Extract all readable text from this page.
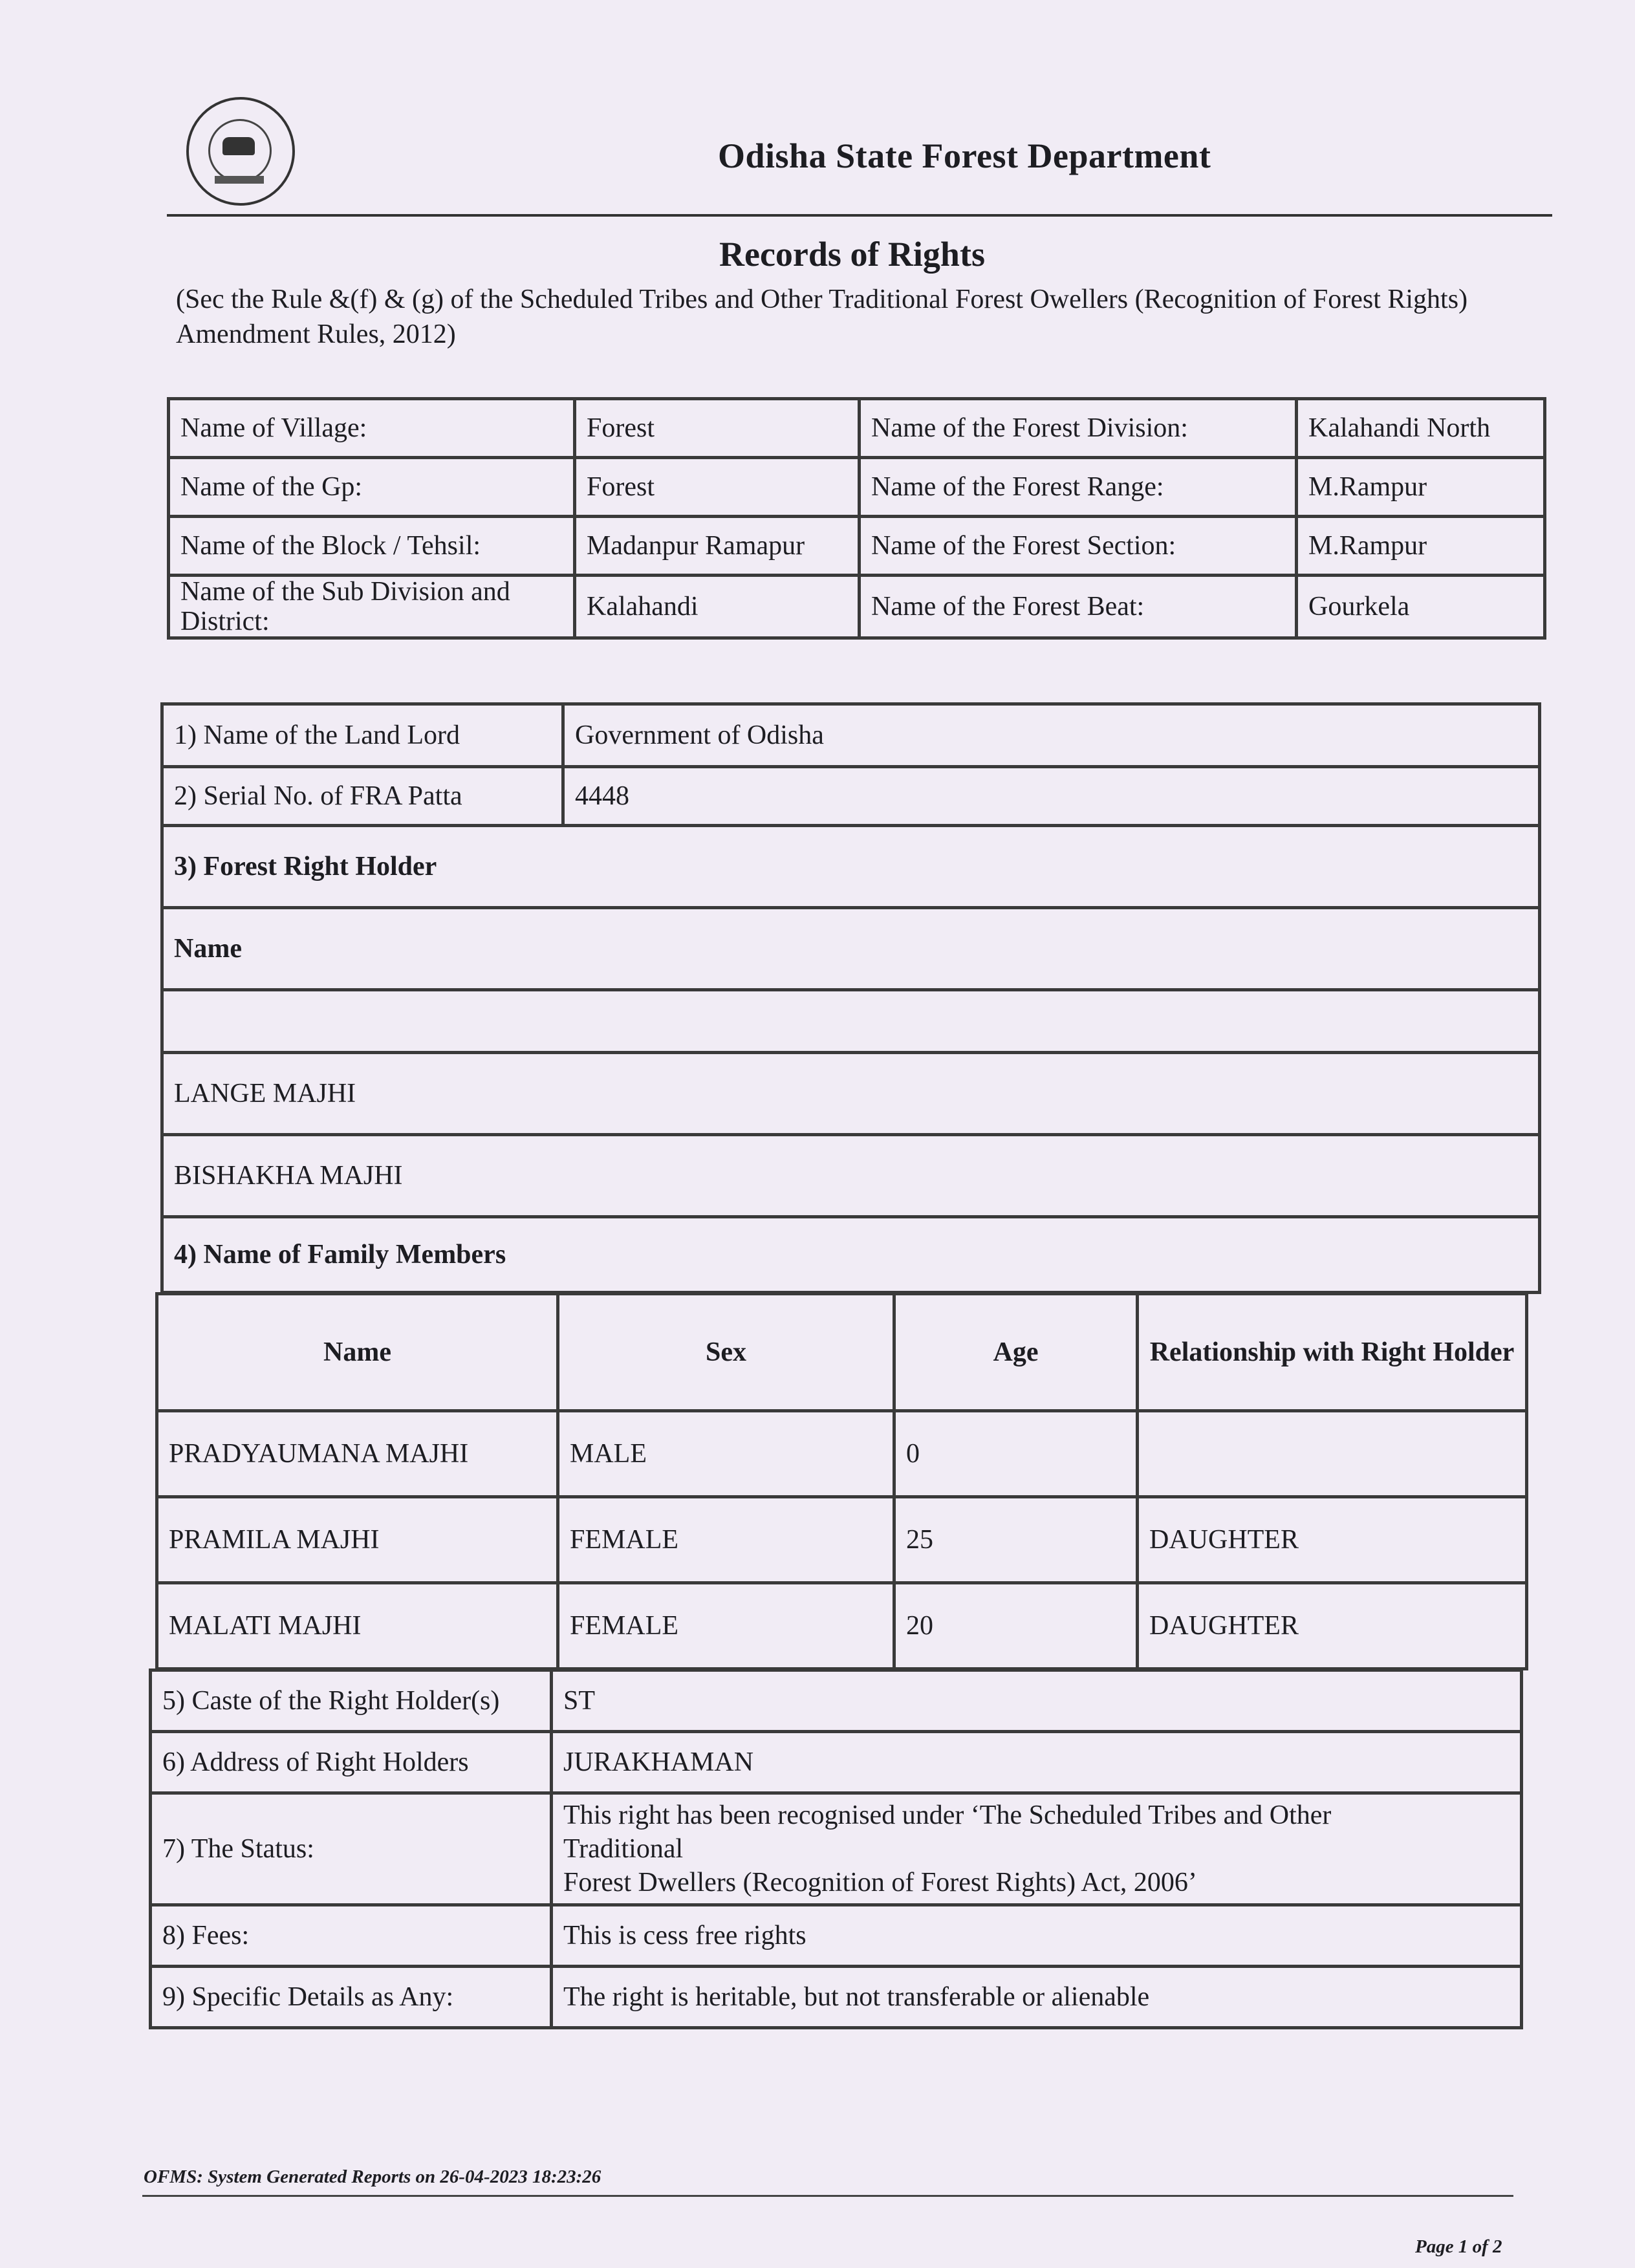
Odisha State Forest Department
Records of Rights
(Sec the Rule &(f) & (g) of the Scheduled Tribes and Other Traditional Forest Owellers (Recognition of Forest Rights) Amendment Rules, 2012)
Name of Village:	Forest	Name of the Forest Division:	Kalahandi North
Name of the Gp:	Forest	Name of the Forest Range:	M.Rampur
Name of the Block / Tehsil:	Madanpur Ramapur	Name of the Forest Section:	M.Rampur
Name of the Sub Division and District:	Kalahandi	Name of the Forest Beat:	Gourkela
1) Name of the Land Lord	Government of Odisha
2) Serial No. of FRA Patta	4448
3) Forest Right Holder	
Name	

LANGE MAJHI	
BISHAKHA MAJHI	
4) Name of Family Members	
Name	Sex	Age	Relationship with Right Holder
PRADYAUMANA MAJHI	MALE	0	
PRAMILA MAJHI	FEMALE	25	DAUGHTER
MALATI MAJHI	FEMALE	20	DAUGHTER
5) Caste of the Right Holder(s)	ST
6) Address of Right Holders	JURAKHAMAN
7) The Status:	This right has been recognised under ‘The Scheduled Tribes and Other
Traditional
Forest Dwellers (Recognition of Forest Rights) Act, 2006’

8) Fees:	This is cess free rights
9) Specific Details as Any:	The right is heritable, but not transferable or alienable
OFMS: System Generated Reports on 26-04-2023 18:23:26
Page 1 of 2
